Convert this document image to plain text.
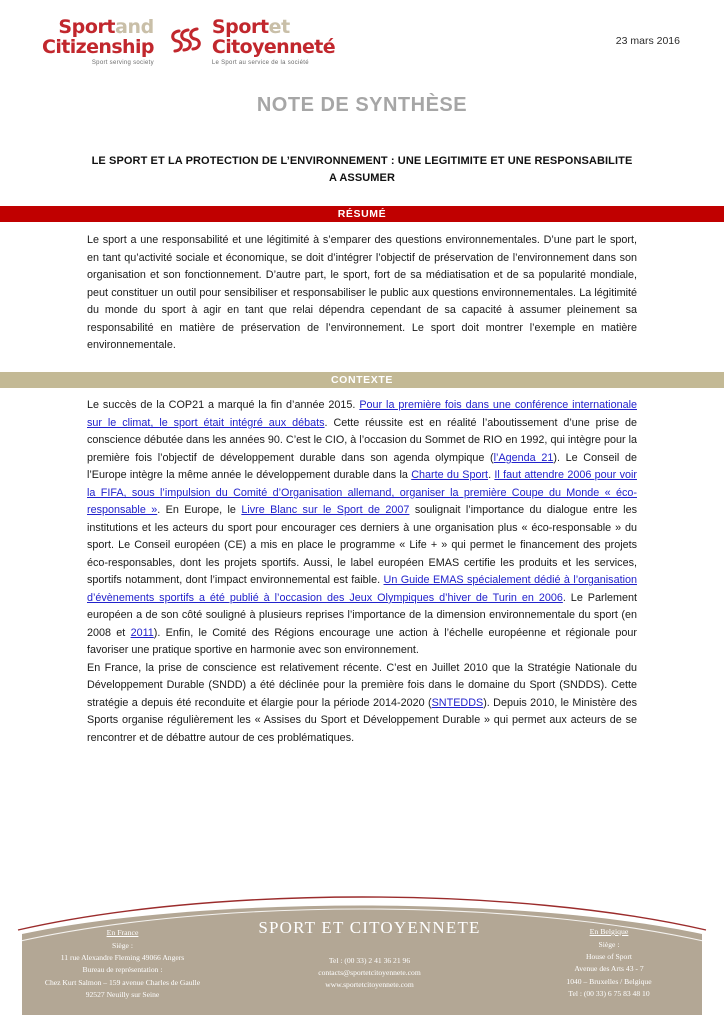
Sportand
Citizenship
Sport serving society
Sportet
Citoyenneté
Le Sport au service de la société
23 mars 2016
NOTE DE SYNTHÈSE
LE SPORT ET LA PROTECTION DE L’ENVIRONNEMENT : UNE LEGITIMITE ET UNE RESPONSABILITE A ASSUMER
RÉSUMÉ

Le sport a une responsabilité et une légitimité à s’emparer des questions environnementales. D’une part le sport, en tant qu’activité sociale et économique, se doit d’intégrer l’objectif de préservation de l’environnement dans son organisation et son fonctionnement. D’autre part, le sport, fort de sa médiatisation et de sa popularité mondiale, peut constituer un outil pour sensibiliser et responsabiliser le public aux questions environnementales. La légitimité du monde du sport à agir en tant que relai dépendra cependant de sa capacité à assumer pleinement sa responsabilité en matière de préservation de l’environnement. Le sport doit montrer l’exemple en matière environnementale.

CONTEXTE

Le succès de la COP21 a marqué la fin d’année 2015. Pour la première fois dans une conférence internationale sur le climat, le sport était intégré aux débats. Cette réussite est en réalité l’aboutissement d’une prise de conscience débutée dans les années 90. C’est le CIO, à l’occasion du Sommet de RIO en 1992, qui intègre pour la première fois l’objectif de développement durable dans son agenda olympique (l’Agenda 21). Le Conseil de l’Europe intègre la même année le développement durable dans la Charte du Sport. Il faut attendre 2006 pour voir la FIFA, sous l’impulsion du Comité d’Organisation allemand, organiser la première Coupe du Monde « éco-responsable ». En Europe, le Livre Blanc sur le Sport de 2007 soulignait l’importance du dialogue entre les institutions et les acteurs du sport pour encourager ces derniers à une organisation plus « éco-responsable » du sport. Le Conseil européen (CE) a mis en place le programme « Life + » qui permet le financement des projets éco-responsables, dont les projets sportifs. Aussi, le label européen EMAS certifie les produits et les services, sportifs notamment, dont l’impact environnemental est faible. Un Guide EMAS spécialement dédié à l’organisation d’évènements sportifs a été publié à l’occasion des Jeux Olympiques d’hiver de Turin en 2006. Le Parlement européen a de son côté souligné à plusieurs reprises l’importance de la dimension environnementale du sport (en 2008 et 2011). Enfin, le Comité des Régions encourage une action à l’échelle européenne et régionale pour favoriser une pratique sportive en harmonie avec son environnement.

En France, la prise de conscience est relativement récente. C’est en Juillet 2010 que la Stratégie Nationale du Développement Durable (SNDD) a été déclinée pour la première fois dans le domaine du Sport (SNDDS). Cette stratégie a depuis été reconduite et élargie pour la période 2014-2020 (SNTEDDS). Depuis 2010, le Ministère des Sports organise régulièrement les « Assises du Sport et Développement Durable » qui permet aux acteurs de se rencontrer et de débattre autour de ces problématiques.

En France
Siège :
11 rue Alexandre Fleming 49066 Angers
Bureau de représentation :
Chez Kurt Salmon – 159 avenue Charles de Gaulle
92527 Neuilly sur Seine
SPORT ET CITOYENNETE
Tel : (00 33) 2 41 36 21 96
contacts@sportetcitoyennete.com
www.sportetcitoyennete.com
En Belgique
Siège :
House of Sport
Avenue des Arts 43 - 7
1040 – Bruxelles / Belgique
Tel : (00 33) 6 75 83 48 10
